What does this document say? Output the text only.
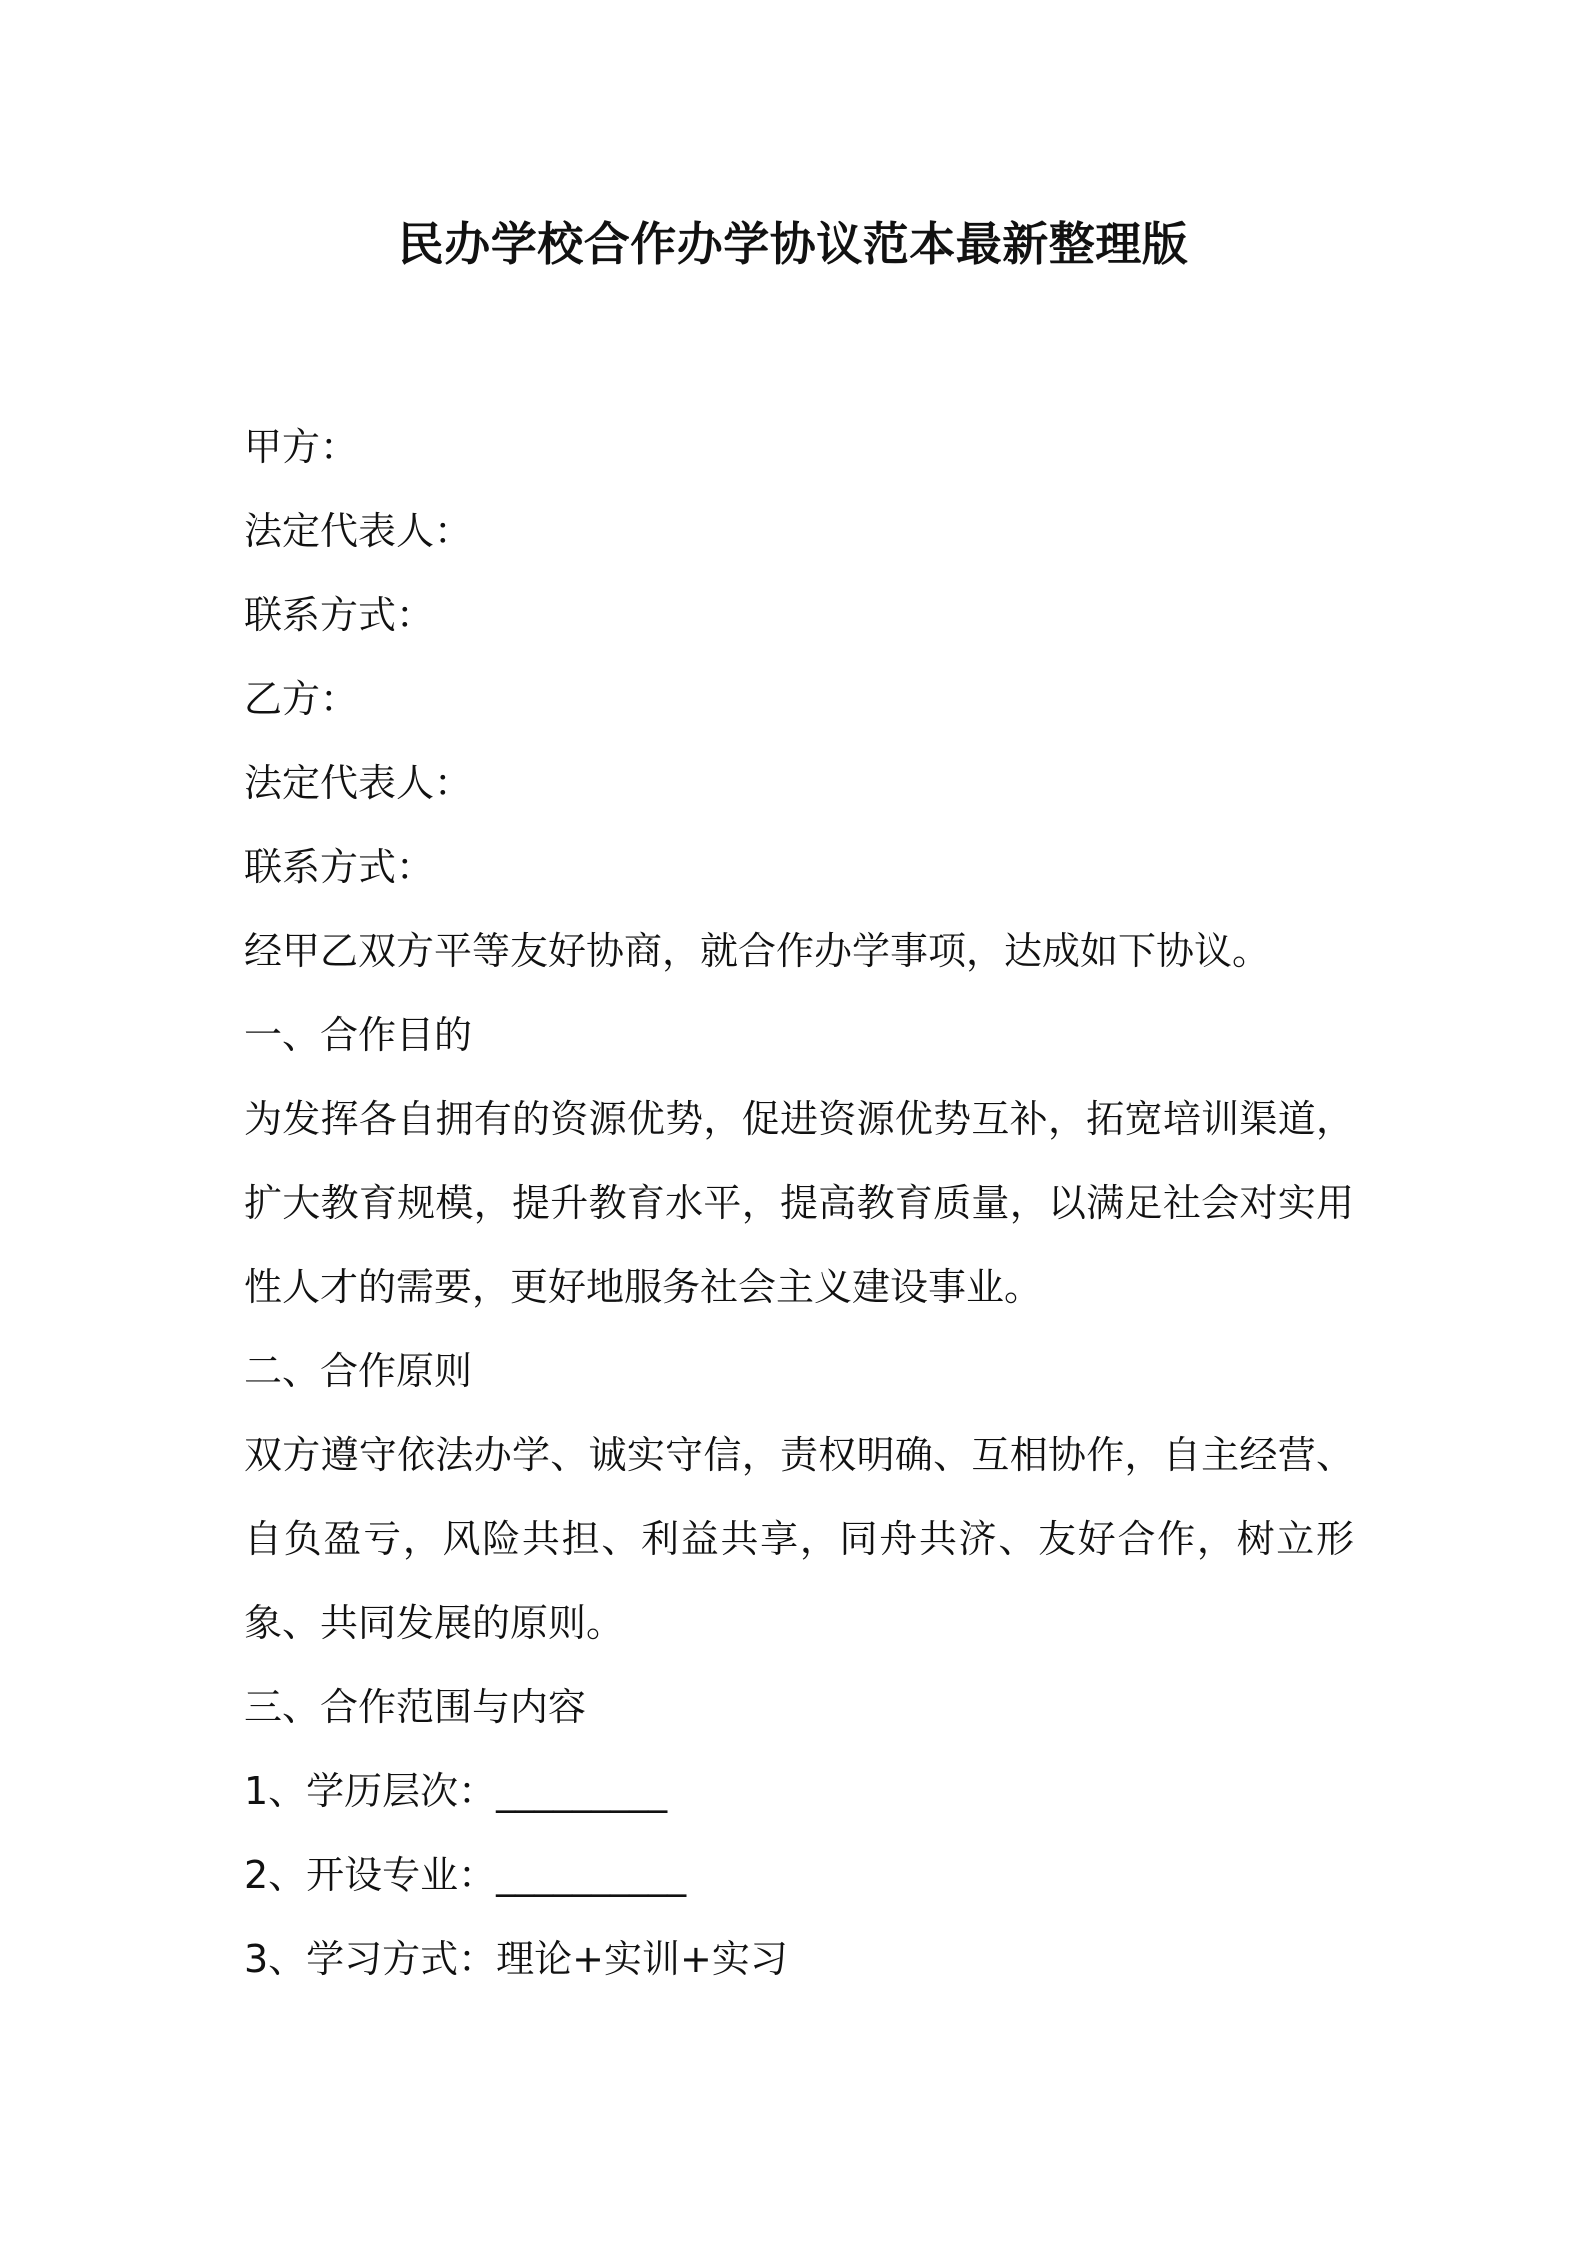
民办学校合作办学协议范本最新整理版
甲方：
法定代表人：
联系方式：
乙方：
法定代表人：
联系方式：
经甲乙双方平等友好协商，就合作办学事项，达成如下协议。
一、合作目的

为发挥各自拥有的资源优势，促进资源优势互补，拓宽培训渠道，扩大教育规模，提升教育水平，提高教育质量，以满足社会对实用性人才的需要，更好地服务社会主义建设事业。

二、合作原则

双方遵守依法办学、诚实守信，责权明确、互相协作，自主经营、自负盈亏，风险共担、利益共享，同舟共济、友好合作，树立形象、共同发展的原则。

三、合作范围与内容
1、学历层次：_________
2、开设专业：__________
3、学习方式：理论+实训+实习
